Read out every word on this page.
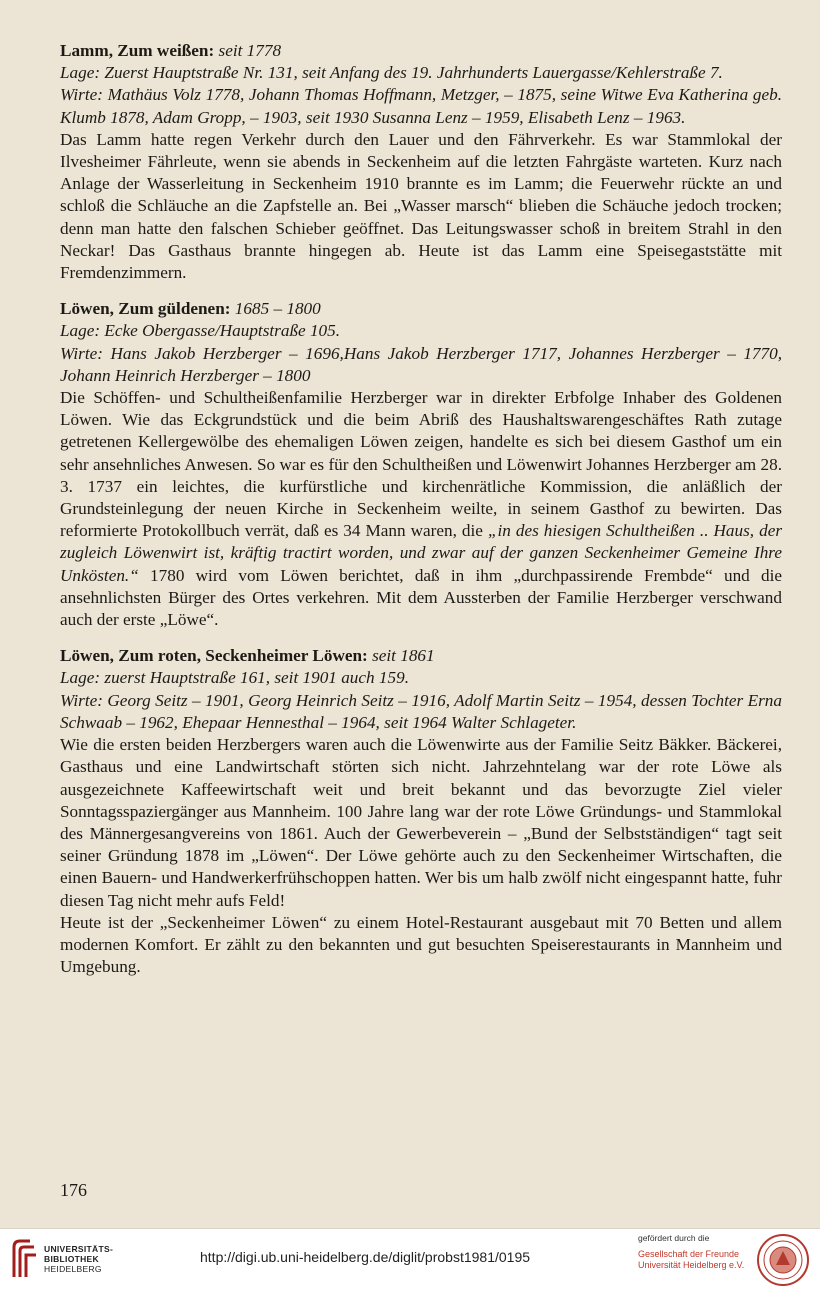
Lamm, Zum weißen: seit 1778

Lage: Zuerst Hauptstraße Nr. 131, seit Anfang des 19. Jahrhunderts Lauergasse/Kehlerstraße 7.

Wirte: Mathäus Volz 1778, Johann Thomas Hoffmann, Metzger, – 1875, seine Witwe Eva Katherina geb. Klumb 1878, Adam Gropp, – 1903, seit 1930 Susanna Lenz – 1959, Elisabeth Lenz – 1963.

Das Lamm hatte regen Verkehr durch den Lauer und den Fährverkehr. Es war Stammlokal der Ilvesheimer Fährleute, wenn sie abends in Seckenheim auf die letzten Fahrgäste warteten. Kurz nach Anlage der Wasserleitung in Seckenheim 1910 brannte es im Lamm; die Feuerwehr rückte an und schloß die Schläuche an die Zapfstelle an. Bei „Wasser marsch“ blieben die Schäuche jedoch trocken; denn man hatte den falschen Schieber geöffnet. Das Leitungswasser schoß in breitem Strahl in den Neckar! Das Gasthaus brannte hingegen ab. Heute ist das Lamm eine Speisegaststätte mit Fremdenzimmern.

Löwen, Zum güldenen: 1685 – 1800

Lage: Ecke Obergasse/Hauptstraße 105.

Wirte: Hans Jakob Herzberger – 1696,Hans Jakob Herzberger 1717, Johannes Herzberger – 1770, Johann Heinrich Herzberger – 1800

Die Schöffen- und Schultheißenfamilie Herzberger war in direkter Erbfolge Inhaber des Goldenen Löwen. Wie das Eckgrundstück und die beim Abriß des Haushaltswarengeschäftes Rath zutage getretenen Kellergewölbe des ehemaligen Löwen zeigen, handelte es sich bei diesem Gasthof um ein sehr ansehnliches Anwesen. So war es für den Schultheißen und Löwenwirt Johannes Herzberger am 28. 3. 1737 ein leichtes, die kurfürstliche und kirchenrätliche Kommission, die anläßlich der Grundsteinlegung der neuen Kirche in Seckenheim weilte, in seinem Gasthof zu bewirten. Das reformierte Protokollbuch verrät, daß es 34 Mann waren, die „in des hiesigen Schultheißen .. Haus, der zugleich Löwenwirt ist, kräftig tractirt worden, und zwar auf der ganzen Seckenheimer Gemeine Ihre Unkösten.“ 1780 wird vom Löwen berichtet, daß in ihm „durchpassirende Frembde“ und die ansehnlichsten Bürger des Ortes verkehren. Mit dem Aussterben der Familie Herzberger verschwand auch der erste „Löwe“.

Löwen, Zum roten, Seckenheimer Löwen: seit 1861

Lage: zuerst Hauptstraße 161, seit 1901 auch 159.

Wirte: Georg Seitz – 1901, Georg Heinrich Seitz – 1916, Adolf Martin Seitz – 1954, dessen Tochter Erna Schwaab – 1962, Ehepaar Hennesthal – 1964, seit 1964 Walter Schlageter.

Wie die ersten beiden Herzbergers waren auch die Löwenwirte aus der Familie Seitz Bäkker. Bäckerei, Gasthaus und eine Landwirtschaft störten sich nicht. Jahrzehntelang war der rote Löwe als ausgezeichnete Kaffeewirtschaft weit und breit bekannt und das bevorzugte Ziel vieler Sonntagsspaziergänger aus Mannheim. 100 Jahre lang war der rote Löwe Gründungs- und Stammlokal des Männergesangvereins von 1861. Auch der Gewerbeverein – „Bund der Selbstständigen“ tagt seit seiner Gründung 1878 im „Löwen“. Der Löwe gehörte auch zu den Seckenheimer Wirtschaften, die einen Bauern- und Handwerkerfrühschoppen hatten. Wer bis um halb zwölf nicht eingespannt hatte, fuhr diesen Tag nicht mehr aufs Feld!

Heute ist der „Seckenheimer Löwen“ zu einem Hotel-Restaurant ausgebaut mit 70 Betten und allem modernen Komfort. Er zählt zu den bekannten und gut besuchten Speiserestaurants in Mannheim und Umgebung.

176
UNIVERSITÄTS-
BIBLIOTHEK
HEIDELBERG
http://digi.ub.uni-heidelberg.de/diglit/probst1981/0195
gefördert durch die
Gesellschaft der Freunde
Universität Heidelberg e.V.
